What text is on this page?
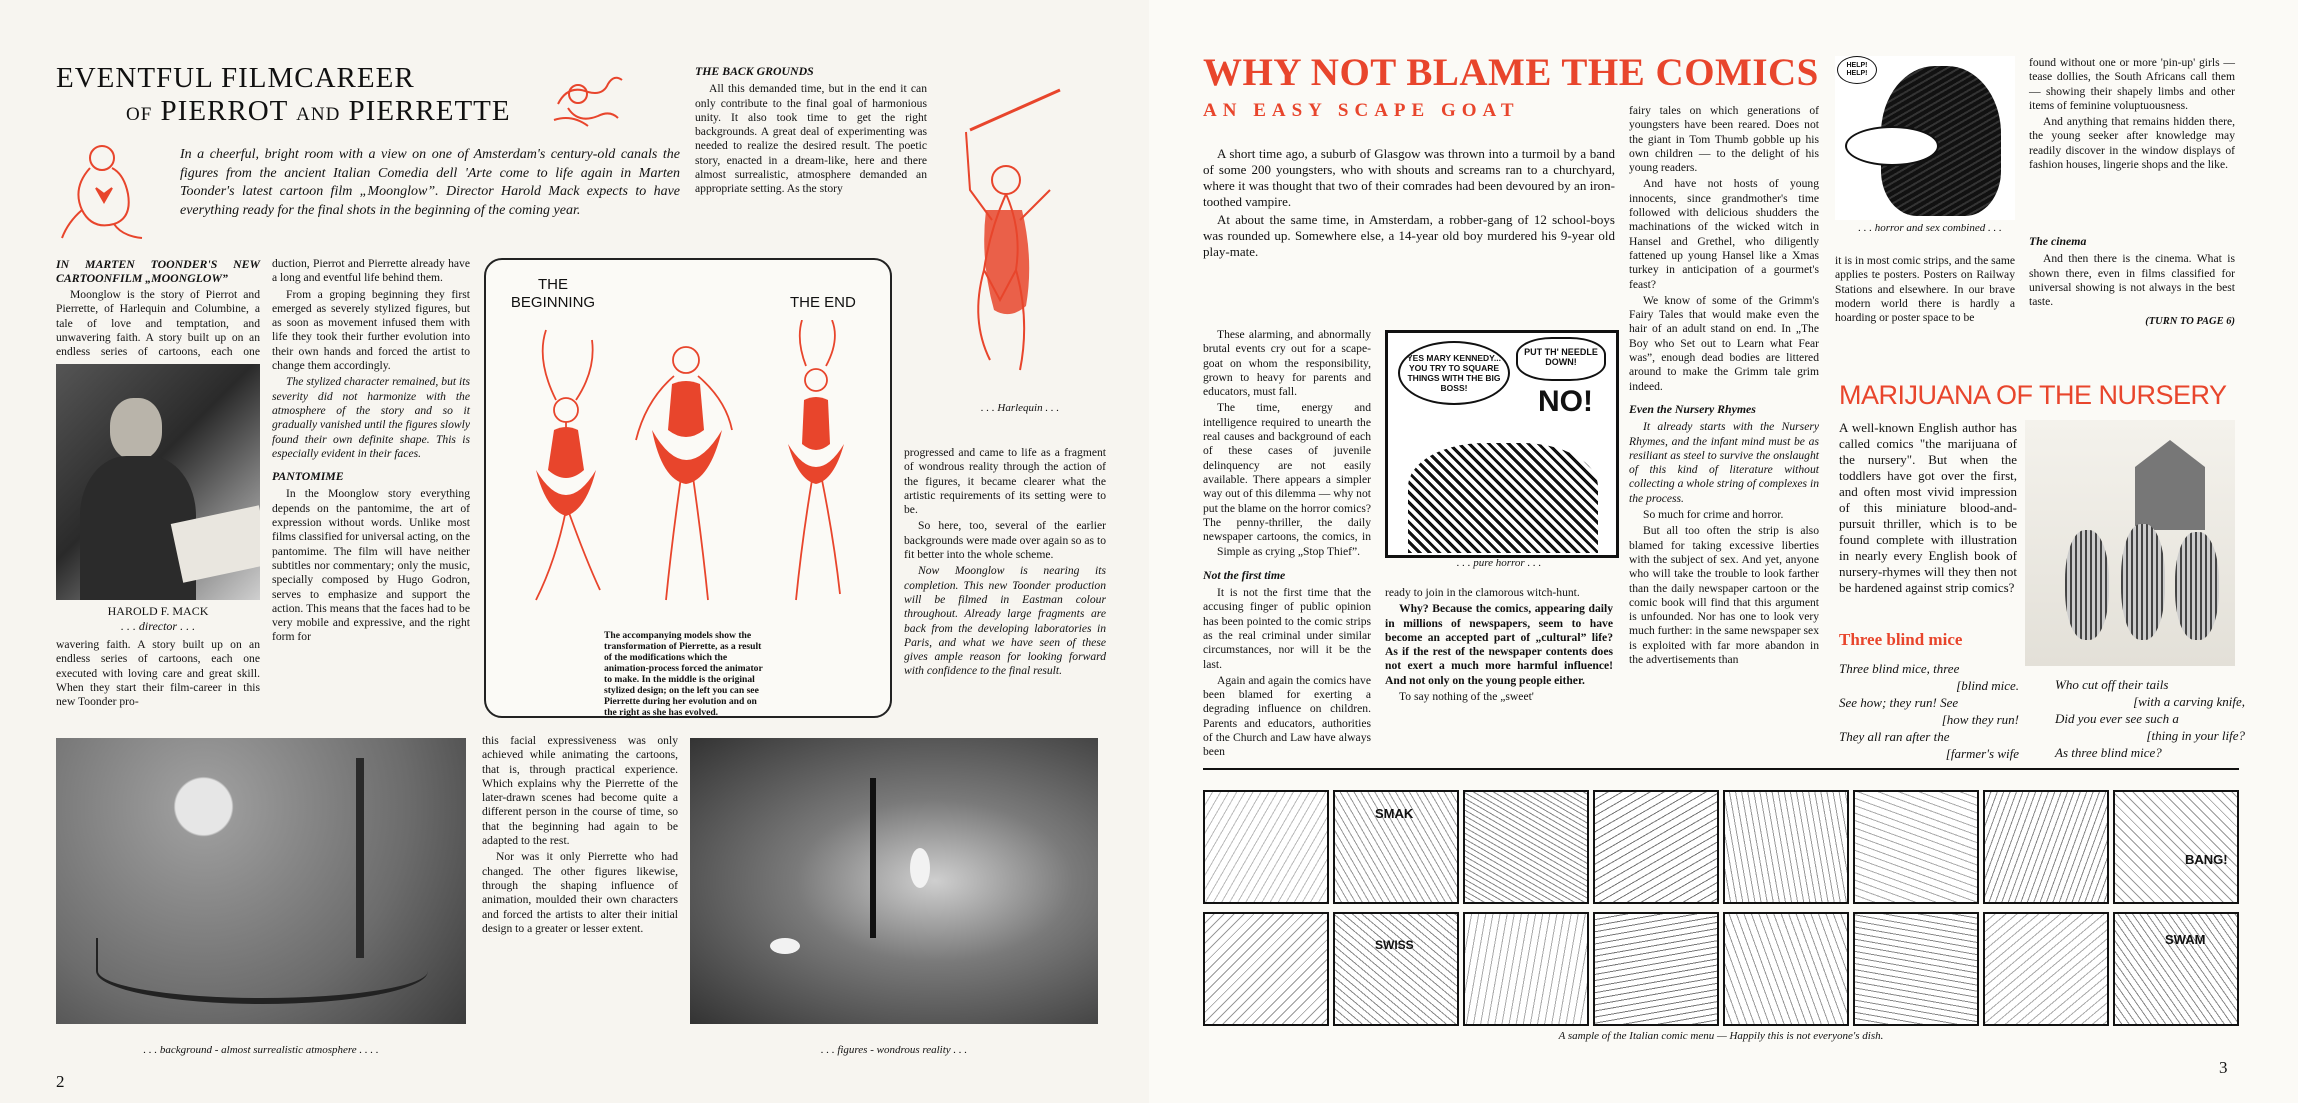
EVENTFUL FILMCAREER
OF PIERROT AND PIERRETTE
In a cheerful, bright room with a view on one of Amsterdam's century-old canals the figures from the ancient Italian Comedia dell 'Arte come to life again in Marten Toonder's latest cartoon film „Moonglow”. Director Harold Mack expects to have everything ready for the final shots in the beginning of the coming year.
THE BACK GROUNDS

All this demanded time, but in the end it can only contribute to the final goal of harmonious unity. It also took time to get the right backgrounds. A great deal of experimenting was needed to realize the desired result. The poetic story, enacted in a dream-like, here and there almost surrealistic, atmosphere demanded an appropriate setting. As the story

. . . Harlequin . . .
IN MARTEN TOONDER'S NEW CARTOONFILM „MOONGLOW”

Moonglow is the story of Pierrot and Pierrette, of Harlequin and Columbine, a tale of love and temptation, and unwavering faith. A story built up on an endless series of cartoons, each one

HAROLD F. MACK
. . . director . . .

wavering faith. A story built up on an endless series of cartoons, each one executed with loving care and great skill. When they start their film-career in this new Toonder pro-

duction, Pierrot and Pierrette already have a long and eventful life behind them.

From a groping beginning they first emerged as severely stylized figures, but as soon as movement infused them with life they took their further evolution into their own hands and forced the artist to change them accordingly.

The stylized character remained, but its severity did not harmonize with the atmosphere of the story and so it gradually vanished until the figures slowly found their own definite shape. This is especially evident in their faces.

PANTOMIME

In the Moonglow story everything depends on the pantomime, the art of expression without words. Unlike most films classified for universal acting, on the pantomime. The film will have neither subtitles nor commentary; only the music, specially composed by Hugo Godron, serves to emphasize and support the action. This means that the faces had to be very mobile and expressive, and the right form for

THE BEGINNING	THE END
The accompanying models show the transformation of Pierrette, as a result of the modifications which the animation-process forced the animator to make. In the middle is the original stylized design; on the left you can see Pierrette during her evolution and on the right as she has evolved.

progressed and came to life as a fragment of wondrous reality through the action of the figures, it became clearer what the artistic requirements of its setting were to be.

So here, too, several of the earlier backgrounds were made over again so as to fit better into the whole scheme.

Now Moonglow is nearing its completion. This new Toonder production will be filmed in Eastman colour throughout. Already large fragments are back from the developing laboratories in Paris, and what we have seen of these gives ample reason for looking forward with confidence to the final result.

. . . background - almost surrealistic atmosphere . . . .

this facial expressiveness was only achieved while animating the cartoons, that is, through practical experience. Which explains why the Pierrette of the later-drawn scenes had become quite a different person in the course of time, so that the beginning had again to be adapted to the rest.

Nor was it only Pierrette who had changed. The other figures likewise, through the shaping influence of animation, moulded their own characters and forced the artists to alter their initial design to a greater or lesser extent.

. . . figures - wondrous reality . . .
2
WHY NOT BLAME THE COMICS
AN EASY SCAPE GOAT

A short time ago, a suburb of Glasgow was thrown into a turmoil by a band of some 200 youngsters, who with shouts and screams ran to a churchyard, where it was thought that two of their comrades had been devoured by an iron-toothed vampire.

At about the same time, in Amsterdam, a robber-gang of 12 school-boys was rounded up. Somewhere else, a 14-year old boy murdered his 9-year old play-mate.

These alarming, and abnormally brutal events cry out for a scape-goat on whom the responsibility, grown to heavy for parents and educators, must fall.

The time, energy and intelligence required to unearth the real causes and background of each of these cases of juvenile delinquency are not easily available. There appears a simpler way out of this dilemma — why not put the blame on the horror comics? The penny-thriller, the daily newspaper cartoons, the comics, in

Simple as crying „Stop Thief”.

Not the first time

It is not the first time that the accusing finger of public opinion has been pointed to the comic strips as the real criminal under similar circumstances, nor will it be the last.

Again and again the comics have been blamed for exerting a degrading influence on children. Parents and educators, authorities of the Church and Law have always been

YES MARY KENNEDY... YOU TRY TO SQUARE THINGS WITH THE BIG BOSS!
PUT TH' NEEDLE DOWN!
NO!
. . . pure horror . . .

ready to join in the clamorous witch-hunt.

Why? Because the comics, appearing daily in millions of newspapers, seem to have become an accepted part of „cultural” life? As if the rest of the newspaper contents does not exert a much more harmful influence! And not only on the young people either.

To say nothing of the „sweet'

fairy tales on which generations of youngsters have been reared. Does not the giant in Tom Thumb gobble up his own children — to the delight of his young readers.

And have not hosts of young innocents, since grandmother's time followed with delicious shudders the machinations of the wicked witch in Hansel and Grethel, who diligently fattened up young Hansel like a Xmas turkey in anticipation of a gourmet's feast?

We know of some of the Grimm's Fairy Tales that would make even the hair of an adult stand on end. In „The Boy who Set out to Learn what Fear was”, enough dead bodies are littered around to make the Grimm tale grim indeed.

Even the Nursery Rhymes

It already starts with the Nursery Rhymes, and the infant mind must be as resiliant as steel to survive the onslaught of this kind of literature without collecting a whole string of complexes in the process.

So much for crime and horror.

But all too often the strip is also blamed for taking excessive liberties with the subject of sex. And yet, anyone who will take the trouble to look farther than the daily newspaper cartoon or the comic book will find that this argument is unfounded. Nor has one to look very much further: in the same newspaper sex is exploited with far more abandon in the advertisements than

HELP! HELP!
. . . horror and sex combined . . .

found without one or more 'pin-up' girls — tease dollies, the South Africans call them — showing their shapely limbs and other items of feminine voluptuousness.

And anything that remains hidden there, the young seeker after knowledge may readily discover in the window displays of fashion houses, lingerie shops and the like.

it is in most comic strips, and the same applies te posters. Posters on Railway Stations and elsewhere. In our brave modern world there is hardly a hoarding or poster space to be

The cinema

And then there is the cinema. What is shown there, even in films classified for universal showing is not always in the best taste.

(TURN TO PAGE 6)
MARIJUANA OF THE NURSERY

A well-known English author has called comics "the marijuana of the nursery". But when the toddlers have got over the first, and often most vivid impression of this miniature blood-and-pursuit thriller, which is to be found complete with illustration in nearly every English book of nursery-rhymes will they then not be hardened against strip comics?

Three blind mice
Three blind mice, three
[blind mice.
See how; they run! See
[how they run!
They all ran after the
[farmer's wife
Who cut off their tails
[with a carving knife,
Did you ever see such a
[thing in your life?
As three blind mice?
SMAK
BANG!
SWISS	SWAM
A sample of the Italian comic menu — Happily this is not everyone's dish.
3
